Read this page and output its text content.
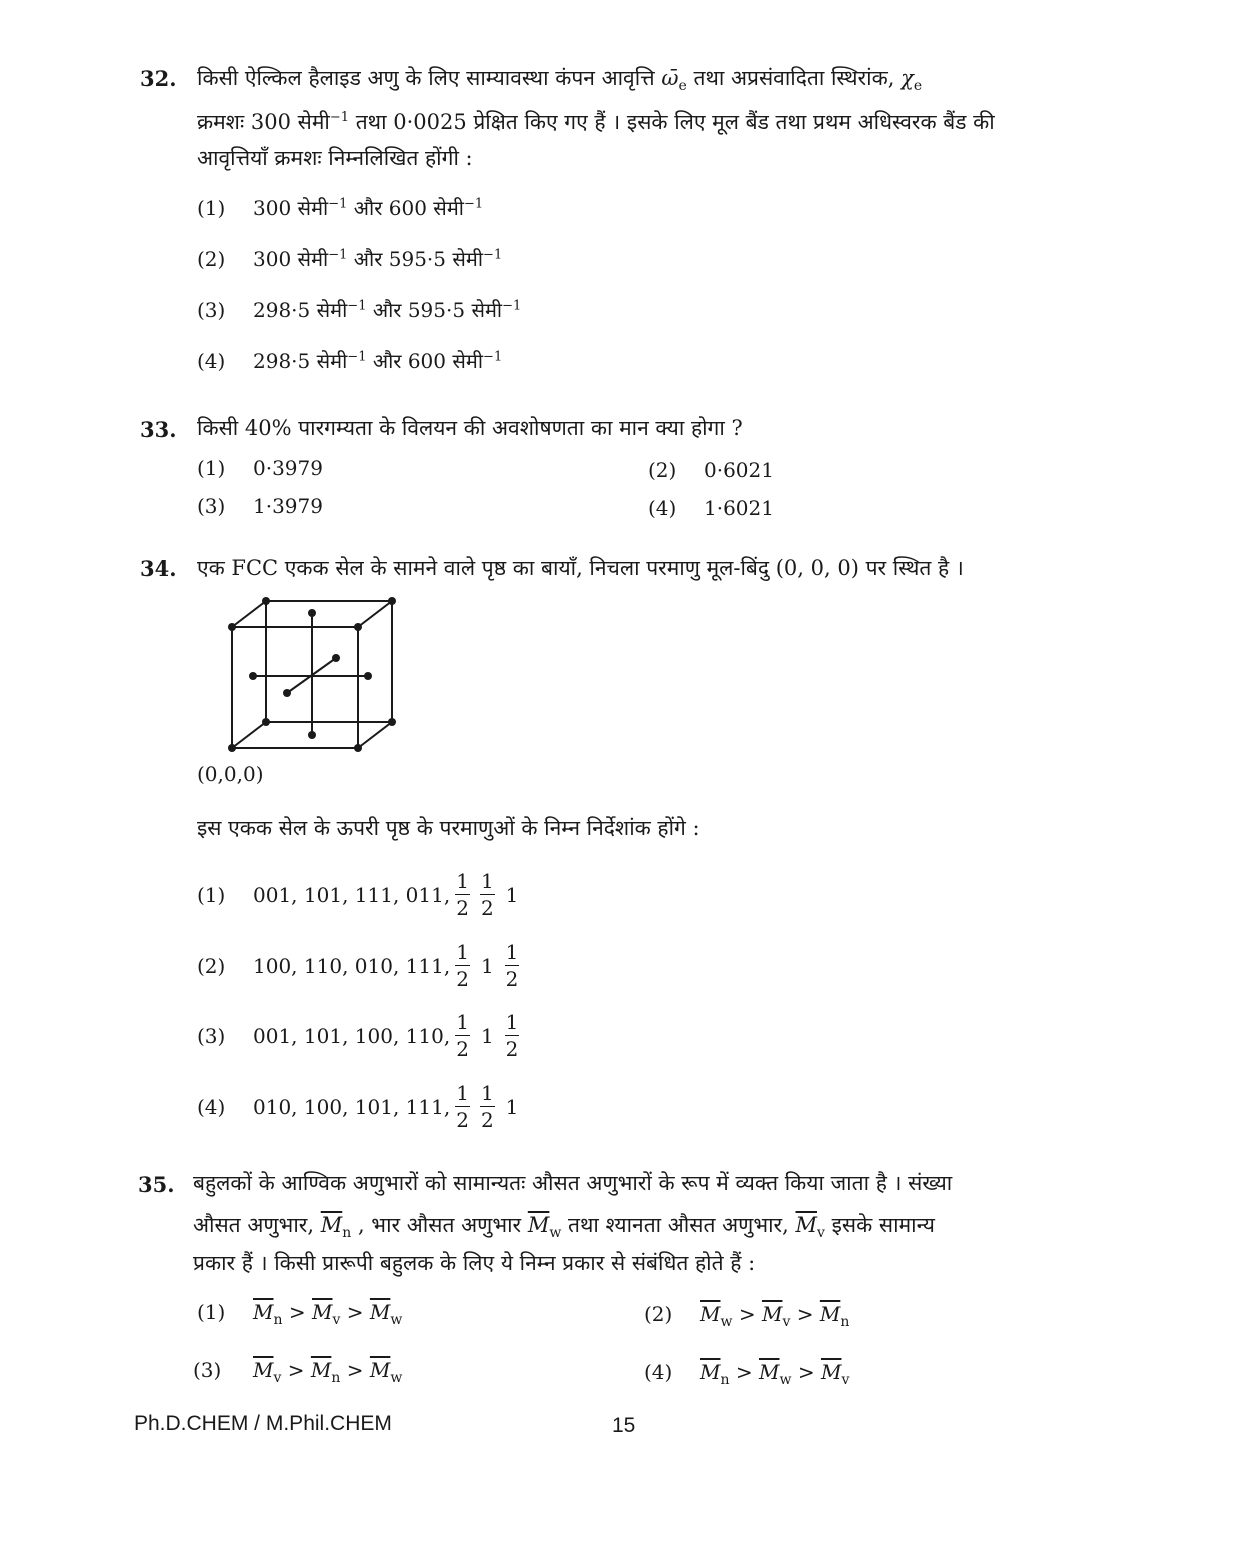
32. किसी ऐल्किल हैलाइड अणु के लिए साम्यावस्था कंपन आवृत्ति $\omegā_e$ तथा अप्रसंवादिता स्थिरांक, $\chi_e$
क्रमशः 300 सेमी$^{-1}$ तथा 0·0025 प्रेक्षित किए गए हैं । इसके लिए मूल बैंड तथा प्रथम अधिस्वरक बैंड की
आवृत्तियाँ क्रमशः निम्नलिखित होंगी :
(1) 300 सेमी$^{-1}$ और 600 सेमी$^{-1}$
(2) 300 सेमी$^{-1}$ और 595·5 सेमी$^{-1}$
(3) 298·5 सेमी$^{-1}$ और 595·5 सेमी$^{-1}$
(4) 298·5 सेमी$^{-1}$ और 600 सेमी$^{-1}$
33. किसी 40% पारगम्यता के विलयन की अवशोषणता का मान क्या होगा ?
(1) 0·3979	(2) 0·6021
(3) 1·3979	(4) 1·6021
34. एक FCC एकक सेल के सामने वाले पृष्ठ का बायाँ, निचला परमाणु मूल-बिंदु (0, 0, 0) पर स्थित है ।
(0,0,0)
इस एकक सेल के ऊपरी पृष्ठ के परमाणुओं के निम्न निर्देशांक होंगे :
(1)	001, 101, 111, 011, $\frac{1}{2} \frac{1}{2} 1$
(2)	100, 110, 010, 111, $\frac{1}{2} 1 \frac{1}{2}$
(3)	001, 101, 100, 110, $\frac{1}{2} 1 \frac{1}{2}$
(4)	010, 100, 101, 111, $\frac{1}{2} \frac{1}{2} 1$
35. बहुलकों के आण्विक अणुभारों को सामान्यतः औसत अणुभारों के रूप में व्यक्त किया जाता है । संख्या
औसत अणुभार, $\overline{M}_n$ , भार औसत अणुभार $\overline{M}_w$ तथा श्यानता औसत अणुभार, $\overline{M}_v$ इसके सामान्य
प्रकार हैं । किसी प्रारूपी बहुलक के लिए ये निम्न प्रकार से संबंधित होते हैं :
(1) $\overline{M}_n > \overline{M}_v > \overline{M}_w$	(2) $\overline{M}_w > \overline{M}_v > \overline{M}_n$
(3) $\overline{M}_v > \overline{M}_n > \overline{M}_w$	(4) $\overline{M}_n > \overline{M}_w > \overline{M}_v$
Ph.D.CHEM / M.Phil.CHEM	15
